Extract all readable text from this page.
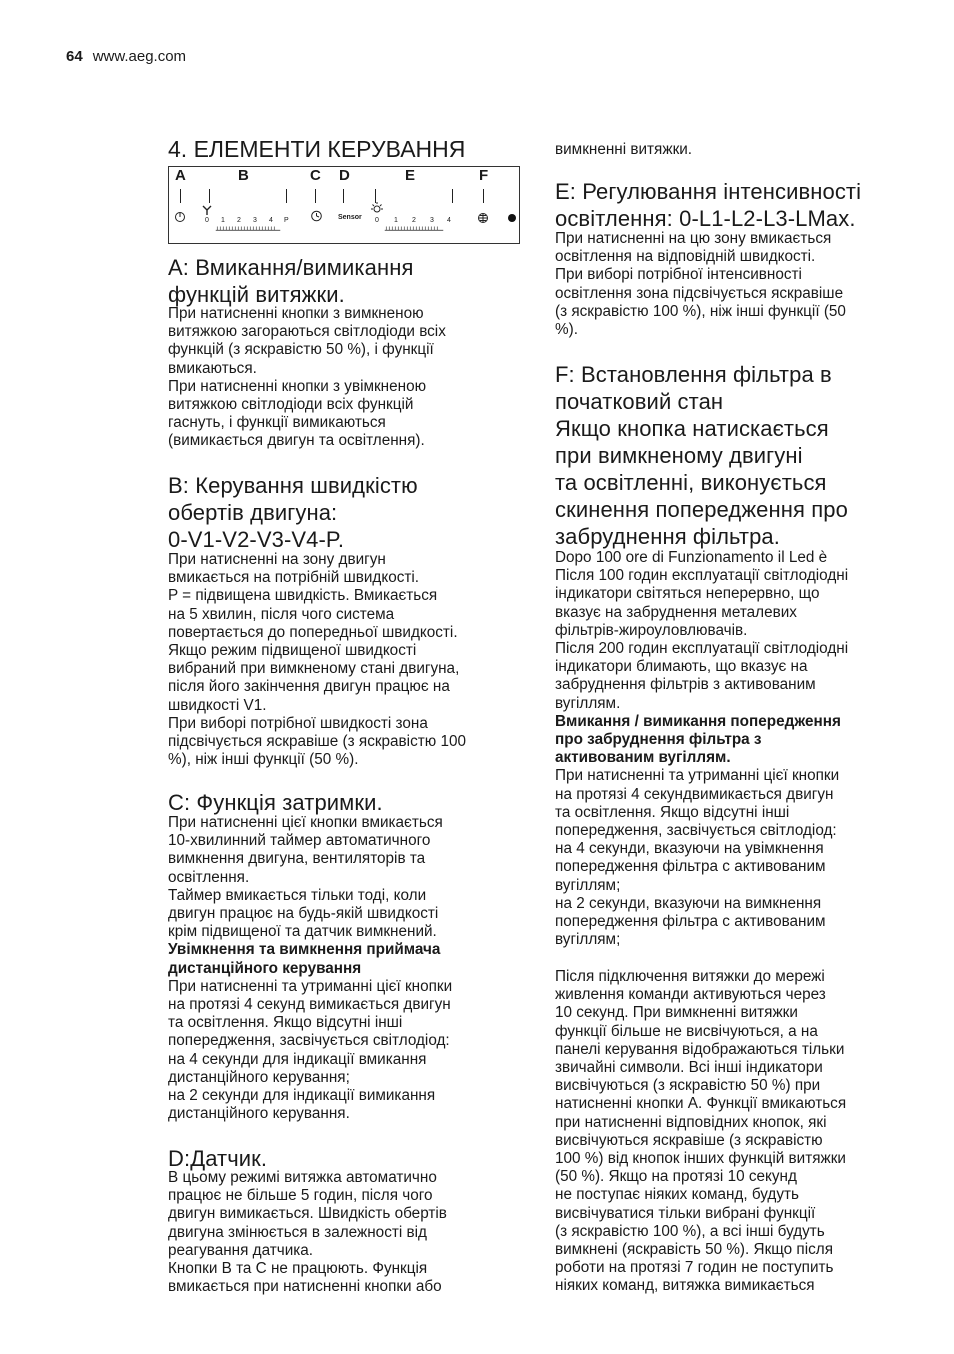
64 www.aeg.com
4. ЕЛЕМЕНТИ КЕРУВАННЯ
A	B	C D	E	F
0 1 2 3 4 P	Sensor 0 1 2 3 4
A: Вмикання/вимикання
функцій витяжки.
При натисненні кнопки з вимкненою
витяжкою загораються світлодіоди всіх
функцій (з яскравістю 50 %), і функції
вмикаються.
При натисненні кнопки з увімкненою
витяжкою світлодіоди всіх функцій
гаснуть, і функції вимикаються
(вимикається двигун та освітлення).
B: Керування швидкістю
обертів двигуна:
0-V1-V2-V3-V4-P.
При натисненні на зону двигун
вмикається на потрібній швидкості.
P = підвищена швидкість. Вмикається
на 5 хвилин, після чого система
повертається до попередньої швидкості.
Якщо режим підвищеної швидкості
вибраний при вимкненому стані двигуна,
після його закінчення двигун працює на
швидкості V1.
При виборі потрібної швидкості зона
підсвічується яскравіше (з яскравістю 100
%), ніж інші функції (50 %).
C: Функція затримки.
При натисненні цієї кнопки вмикається
10-хвилинний таймер автоматичного
вимкнення двигуна, вентиляторів та
освітлення.
Таймер вмикається тільки тоді, коли
двигун працює на будь-якій швидкості
крім підвищеної та датчик вимкнений.
Увімкнення та вимкнення приймача
дистанційного керування
При натисненні та утриманні цієї кнопки
на протязі 4 секунд вимикається двигун
та освітлення. Якщо відсутні інші
попередження, засвічується світлодіод:
на 4 секунди для індикації вмикання
дистанційного керування;
на 2 секунди для індикації вимикання
дистанційного керування.
D:Датчик.
В цьому режимі витяжка автоматично
працює не більше 5 годин, після чого
двигун вимикається. Швидкість обертів
двигуна змінюється в залежності від
реагування датчика.
Кнопки B та C не працюють. Функція
вмикається при натисненні кнопки або
вимкненні витяжки.
E: Регулювання інтенсивності
освітлення: 0-L1-L2-L3-LMax.
При натисненні на цю зону вмикається
освітлення на відповідній швидкості.
При виборі потрібної інтенсивності
освітлення зона підсвічується яскравіше
(з яскравістю 100 %), ніж інші функції (50
%).
F: Встановлення фільтра в
початковий стан
Якщо кнопка натискається
при вимкненому двигуні
та освітленні, виконується
скинення попередження про
забруднення фільтра.
Dopo 100 ore di Funzionamento il Led è
Після 100 годин експлуатації світлодіодні
індикатори світяться неперервно, що
вказує на забруднення металевих
фільтрів-жироуловлювачів.
Після 200 годин експлуатації світлодіодні
індикатори блимають, що вказує на
забруднення фільтрів з активованим
вугіллям.
Вмикання / вимикання попередження
про забруднення фільтра з
активованим вугіллям.
При натисненні та утриманні цієї кнопки
на протязі 4 секундвимикається двигун
та освітлення. Якщо відсутні інші
попередження, засвічується світлодіод:
на 4 секунди, вказуючи на увімкнення
попередження фільтра с активованим
вугіллям;
на 2 секунди, вказуючи на вимкнення
попередження фільтра с активованим
вугіллям;
Після підключення витяжки до мережі
живлення команди активуються через
10 секунд. При вимкненні витяжки
функції більше не висвічуються, а на
панелі керування відображаються тільки
звичайні символи. Всі інші індикатори
висвічуються (з яскравістю 50 %) при
натисненні кнопки A. Функції вмикаються
при натисненні відповідних кнопок, які
висвічуються яскравіше (з яскравістю
100 %) від кнопок інших функцій витяжки
(50 %). Якщо на протязі 10 секунд
не поступає ніяких команд, будуть
висвічуватися тільки вибрані функції
(з яскравістю 100 %), а всі інші будуть
вимкнені (яскравість 50 %). Якщо після
роботи на протязі 7 годин не поступить
ніяких команд, витяжка вимикається
